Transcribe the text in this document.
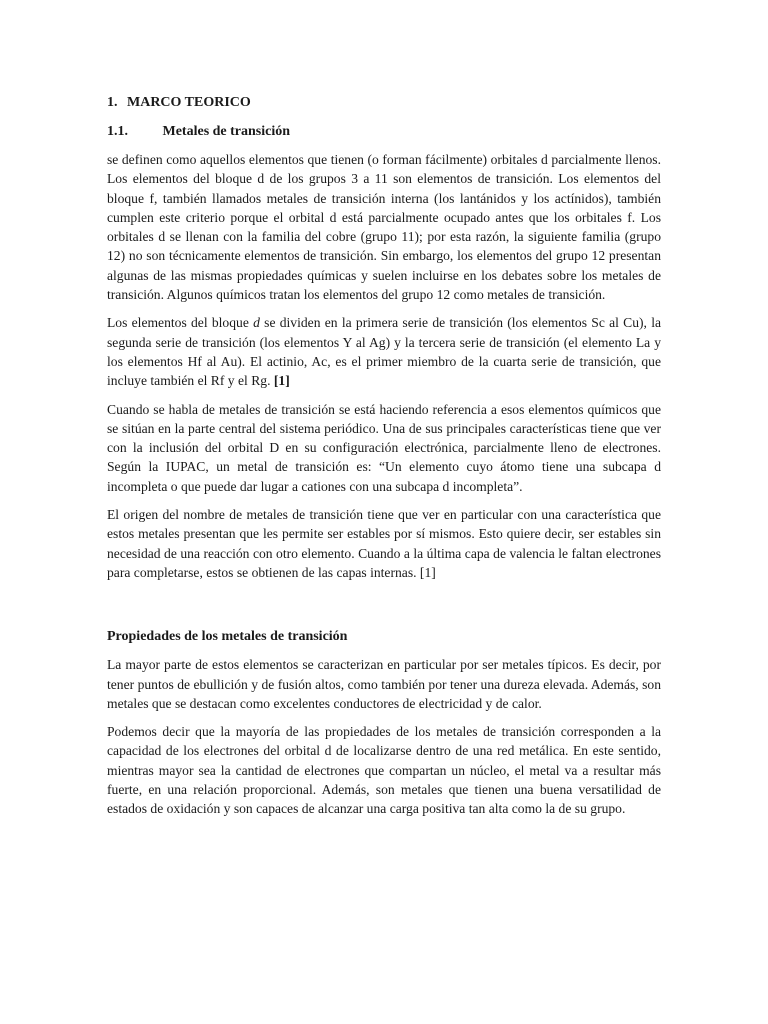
1. MARCO TEORICO
1.1. Metales de transición

se definen como aquellos elementos que tienen (o forman fácilmente) orbitales d parcialmente llenos. Los elementos del bloque d de los grupos 3 a 11 son elementos de transición. Los elementos del bloque f, también llamados metales de transición interna (los lantánidos y los actínidos), también cumplen este criterio porque el orbital d está parcialmente ocupado antes que los orbitales f. Los orbitales d se llenan con la familia del cobre (grupo 11); por esta razón, la siguiente familia (grupo 12) no son técnicamente elementos de transición. Sin embargo, los elementos del grupo 12 presentan algunas de las mismas propiedades químicas y suelen incluirse en los debates sobre los metales de transición. Algunos químicos tratan los elementos del grupo 12 como metales de transición.

Los elementos del bloque d se dividen en la primera serie de transición (los elementos Sc al Cu), la segunda serie de transición (los elementos Y al Ag) y la tercera serie de transición (el elemento La y los elementos Hf al Au). El actinio, Ac, es el primer miembro de la cuarta serie de transición, que incluye también el Rf y el Rg. [1]

Cuando se habla de metales de transición se está haciendo referencia a esos elementos químicos que se sitúan en la parte central del sistema periódico. Una de sus principales características tiene que ver con la inclusión del orbital D en su configuración electrónica, parcialmente lleno de electrones. Según la IUPAC, un metal de transición es: “Un elemento cuyo átomo tiene una subcapa d incompleta o que puede dar lugar a cationes con una subcapa d incompleta”.

El origen del nombre de metales de transición tiene que ver en particular con una característica que estos metales presentan que les permite ser estables por sí mismos. Esto quiere decir, ser estables sin necesidad de una reacción con otro elemento. Cuando a la última capa de valencia le faltan electrones para completarse, estos se obtienen de las capas internas. [1]

Propiedades de los metales de transición

La mayor parte de estos elementos se caracterizan en particular por ser metales típicos. Es decir, por tener puntos de ebullición y de fusión altos, como también por tener una dureza elevada. Además, son metales que se destacan como excelentes conductores de electricidad y de calor.

Podemos decir que la mayoría de las propiedades de los metales de transición corresponden a la capacidad de los electrones del orbital d de localizarse dentro de una red metálica. En este sentido, mientras mayor sea la cantidad de electrones que compartan un núcleo, el metal va a resultar más fuerte, en una relación proporcional. Además, son metales que tienen una buena versatilidad de estados de oxidación y son capaces de alcanzar una carga positiva tan alta como la de su grupo.
